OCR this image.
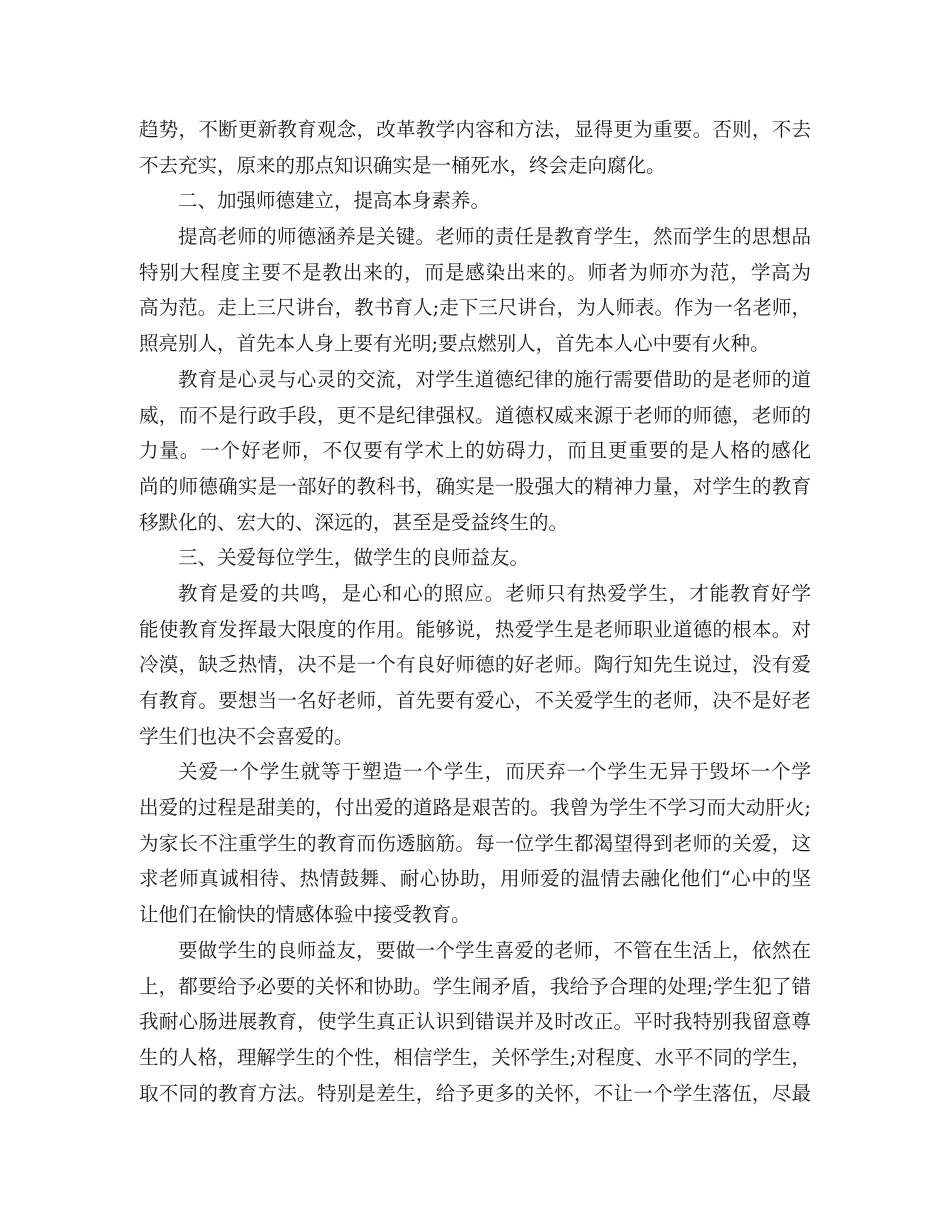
趋势，不断更新教育观念，改革教学内容和方法，显得更为重要。否则，不去
不去充实，原来的那点知识确实是一桶死水，终会走向腐化。
二、加强师德建立，提高本身素养。
提高老师的师德涵养是关键。老师的责任是教育学生，然而学生的思想品
特别大程度主要不是教出来的，而是感染出来的。师者为师亦为范，学高为
高为范。走上三尺讲台，教书育人;走下三尺讲台，为人师表。作为一名老师，
照亮别人，首先本人身上要有光明;要点燃别人，首先本人心中要有火种。
教育是心灵与心灵的交流，对学生道德纪律的施行需要借助的是老师的道
威，而不是行政手段，更不是纪律强权。道德权威来源于老师的师德，老师的
力量。一个好老师，不仅要有学术上的妨碍力，而且更重要的是人格的感化
尚的师德确实是一部好的教科书，确实是一股强大的精神力量，对学生的教育
移默化的、宏大的、深远的，甚至是受益终生的。
三、关爱每位学生，做学生的良师益友。
教育是爱的共鸣，是心和心的照应。老师只有热爱学生，才能教育好学
能使教育发挥最大限度的作用。能够说，热爱学生是老师职业道德的根本。对
冷漠，缺乏热情，决不是一个有良好师德的好老师。陶行知先生说过，没有爱
有教育。要想当一名好老师，首先要有爱心，不关爱学生的老师，决不是好老
学生们也决不会喜爱的。
关爱一个学生就等于塑造一个学生，而厌弃一个学生无异于毁坏一个学
出爱的过程是甜美的，付出爱的道路是艰苦的。我曾为学生不学习而大动肝火;
为家长不注重学生的教育而伤透脑筋。每一位学生都渴望得到老师的关爱，这
求老师真诚相待、热情鼓舞、耐心协助，用师爱的温情去融化他们“心中的坚
让他们在愉快的情感体验中接受教育。
要做学生的良师益友，要做一个学生喜爱的老师，不管在生活上，依然在
上，都要给予必要的关怀和协助。学生闹矛盾，我给予合理的处理;学生犯了错
我耐心肠进展教育，使学生真正认识到错误并及时改正。平时我特别我留意尊
生的人格，理解学生的个性，相信学生，关怀学生;对程度、水平不同的学生，
取不同的教育方法。特别是差生，给予更多的关怀，不让一个学生落伍，尽最
